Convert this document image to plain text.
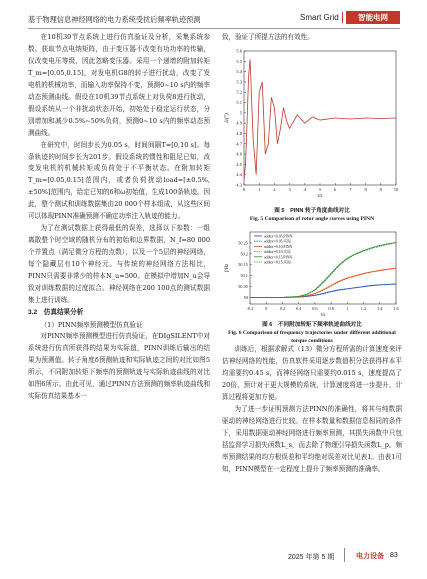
基于物理信息神经网络的电力系统受扰后频率轨迹预测	Smart Grid	智能电网

在10机39节点系统上进行仿真验证及分析，采集系统参数。获取节点电纳矩阵，由于变压器不改变有功功率的传输，仅改变电压等级，因此忽略变压器。采用一个递增的附加转矩T_m=[0.05,0.15]，对发电机G8的转子进行扰动，改变了发电机的机械功率，而输入功率保持不变，预测0~10 s内的频率动态预测曲线。假设在10机39节点系统上对负荷8进行扰动，假设系统从一个非扰动状态开始，初始处于稳定运行状态，分别增加和减少0.5%~50%负荷，预测0~10 s内的频率动态预测曲线。

在研究中，时间步长为0.05 s，时间间隔T=[0,10 s]。每条轨迹的时间步长为201步。假设系统的惯性和阻尼已知，改变发电机的机械转矩或负荷处于不平衡状态。在附加转矩T_m=[0.05,0.15]范围内，或者负荷扰动load=[±0.5%,±50%]范围内，给定已知的δ和ω初始值，生成100条轨迹。因此，整个测试和训练数据集由20 000个样本组成，从这些区间可以体现PINN准确预测不确定功率注入轨迹的能力。

为了在测试数据上获得最低的误差，选择以下参数：一组离散整个时空域的随机分布的初始和边界数据，N_f=80 000个并置点（满足微分方程的点数），以及一个5层的神经网络，每个隐藏层有10个神经元。与传统的神经网络方法相比，PINN只需要非常少的样本N_u=500。在模拟中增加N_u会导致对训练数据的过度拟合。神经网络在200 100点的测试数据集上进行训练。

3.2　仿真结果分析
（1）PINN频率预测模型仿真验证

对PINN频率预测模型进行仿真验证，在DIgSILENT中对系统进行仿真所获得的结果为实际值，PINN训练后输出的结果为预测值。转子角度δ预测轨迹和实际轨迹之间的对比如图5所示，不同附加转矩下频率的预测轨迹与实际轨迹曲线的对比如图6所示。由此可见，通过PINN方法预测的频率轨迹曲线和实际仿真结果基本一

致，验证了所提方法的有效性。

0	1	2	3	4	5	6	7	8	9	10
4.3
4.4
4.5
4.6
4.7
4.8
4.9
5
5.1
5.2
5.3
5.4
5.5
5.6
t/s
δ/(°)
图 5　PINN 转子角度曲线对比
Fig. 5 Comparison of rotor angle curves using PINN
-0.2	0	0.2 0.4 0.6 0.8	1	1.2 1.4 1.6
50
50.05
50.1
50.15
50.2
50.25
t/s
f/Hz
addtor=0.05,PINN
addtor=0.05,实际
addtor=0.10,PINN
addtor=0.10,实际
addtor=0.15,PINN
addtor=0.15,实际
图 6　不同附加转矩下频率轨迹曲线对比
Fig. 6 Comparison of frequency trajectories under different additional torque conditions

训练后，根据求解式（13）微分方程所需的计算速度来评估神经网络的性能，仿真软件采用逐步数值积分法获得样本平均需要约0.45 s，而神经网络只需要约0.015 s，速度提高了20倍，预计对于更大规模的系统，计算速度将进一步提升，计算过程将更加方便。

为了进一步证明预测方法PINN的准确性，将其与纯数据驱动的神经网络进行比较。在样本数量和数据信息相同的条件下，采用数据驱动神经网络进行频率预测，其损失函数中只包括监督学习损失函数L_s，而去除了物理引导损失函数L_p。频率预测结果的均方根误差和平均绝对误差对比见表1。由表1可知，PINN模型在一定程度上提升了频率预测的准确率。

2025 年第 5 期	电力设备 83
